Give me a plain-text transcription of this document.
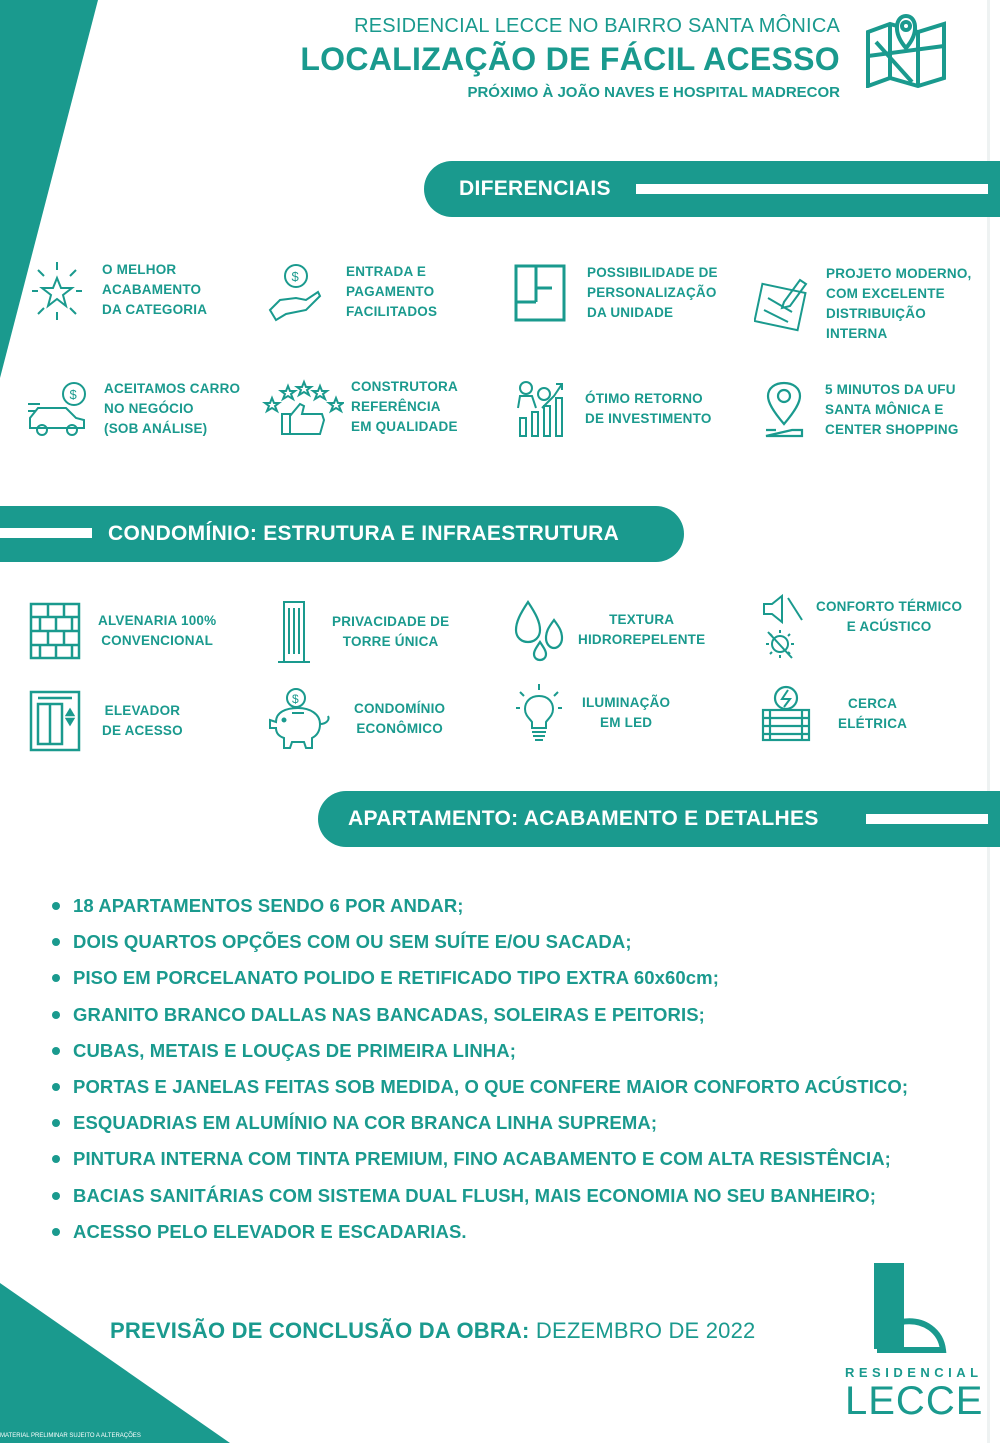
RESIDENCIAL LECCE NO BAIRRO SANTA MÔNICA
LOCALIZAÇÃO DE FÁCIL ACESSO
PRÓXIMO À JOÃO NAVES E HOSPITAL MADRECOR
DIFERENCIAIS
O MELHOR
ACABAMENTO
DA CATEGORIA
$	ENTRADA E
PAGAMENTO
FACILITADOS
POSSIBILIDADE DE
PERSONALIZAÇÃO
DA UNIDADE
PROJETO MODERNO,
COM EXCELENTE
DISTRIBUIÇÃO
INTERNA
$ ACEITAMOS CARRO
NO NEGÓCIO
(SOB ANÁLISE)
CONSTRUTORA
REFERÊNCIA
EM QUALIDADE
ÓTIMO RETORNO
DE INVESTIMENTO
5 MINUTOS DA UFU
SANTA MÔNICA E
CENTER SHOPPING
CONDOMÍNIO: ESTRUTURA E INFRAESTRUTURA
ALVENARIA 100%
CONVENCIONAL
PRIVACIDADE DE
TORRE ÚNICA
TEXTURA
HIDROREPELENTE
CONFORTO TÉRMICO
E ACÚSTICO
ELEVADOR
DE ACESSO
$
CONDOMÍNIO
ECONÔMICO
ILUMINAÇÃO
EM LED
CERCA
ELÉTRICA
APARTAMENTO: ACABAMENTO E DETALHES
18 APARTAMENTOS SENDO 6 POR ANDAR;
DOIS QUARTOS OPÇÕES COM OU SEM SUÍTE E/OU SACADA;
PISO EM PORCELANATO POLIDO E RETIFICADO TIPO EXTRA 60x60cm;
GRANITO BRANCO DALLAS NAS BANCADAS, SOLEIRAS E PEITORIS;
CUBAS, METAIS E LOUÇAS DE PRIMEIRA LINHA;
PORTAS E JANELAS FEITAS SOB MEDIDA, O QUE CONFERE MAIOR CONFORTO ACÚSTICO;
ESQUADRIAS EM ALUMÍNIO NA COR BRANCA LINHA SUPREMA;
PINTURA INTERNA COM TINTA PREMIUM, FINO ACABAMENTO E COM ALTA RESISTÊNCIA;
BACIAS SANITÁRIAS COM SISTEMA DUAL FLUSH, MAIS ECONOMIA NO SEU BANHEIRO;
ACESSO PELO ELEVADOR E ESCADARIAS.
PREVISÃO DE CONCLUSÃO DA OBRA: DEZEMBRO DE 2022
RESIDENCIAL
LECCE
MATERIAL PRELIMINAR SUJEITO A ALTERAÇÕES
